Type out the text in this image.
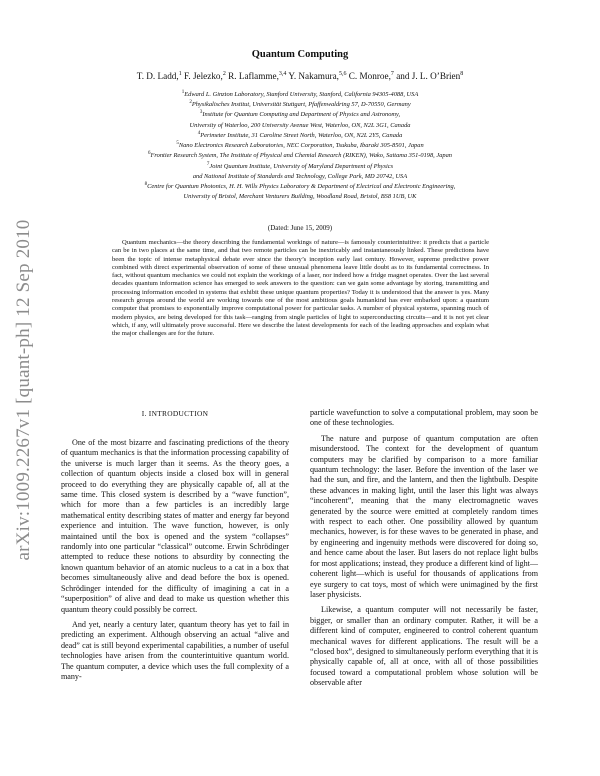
arXiv:1009.2267v1 [quant-ph] 12 Sep 2010
Quantum Computing
T. D. Ladd,$^1$ F. Jelezko,$^2$ R. Laflamme,$^{3,4}$ Y. Nakamura,$^{5,6}$ C. Monroe,$^7$ and J. L. O’Brien$^8$
$^1$Edward L. Ginzton Laboratory, Stanford University, Stanford, California 94305-4088, USA
$^2$Physikalisches Institut, Universität Stuttgart, Pfaffenwaldring 57, D-70550, Germany
$^3$Institute for Quantum Computing and Department of Physics and Astronomy,
University of Waterloo, 200 University Avenue West, Waterloo, ON, N2L 3G1, Canada
$^4$Perimeter Institute, 31 Caroline Street North, Waterloo, ON, N2L 2Y5, Canada
$^5$Nano Electronics Research Laboratories, NEC Corporation, Tsukuba, Ibaraki 305-8501, Japan
$^6$Frontier Research System, The Institute of Physical and Chemial Research (RIKEN), Wako, Saitama 351-0198, Japan
$^7$Joint Quantum Institute, University of Maryland Department of Physics
and National Institute of Standards and Technology, College Park, MD 20742, USA
$^8$Centre for Quantum Photonics, H. H. Wills Physics Laboratory & Department of Electrical and Electronic Engineering,
University of Bristol, Merchant Venturers Building, Woodland Road, Bristol, BS8 1UB, UK
(Dated: June 15, 2009)
Quantum mechanics—the theory describing the fundamental workings of nature—is famously counterintuitive: it predicts that a particle can be in two places at the same time, and that two remote particles can be inextricably and instantaneously linked. These predictions have been the topic of intense metaphysical debate ever since the theory’s inception early last century. However, supreme predictive power combined with direct experimental observation of some of these unusual phenomena leave little doubt as to its fundamental correctness. In fact, without quantum mechanics we could not explain the workings of a laser, nor indeed how a fridge magnet operates. Over the last several decades quantum information science has emerged to seek answers to the question: can we gain some advantage by storing, transmitting and processing information encoded in systems that exhibit these unique quantum properties? Today it is understood that the answer is yes. Many research groups around the world are working towards one of the most ambitious goals humankind has ever embarked upon: a quantum computer that promises to exponentially improve computational power for particular tasks. A number of physical systems, spanning much of modern physics, are being developed for this task—ranging from single particles of light to superconducting circuits—and it is not yet clear which, if any, will ultimately prove successful. Here we describe the latest developments for each of the leading approaches and explain what the major challenges are for the future.
I. INTRODUCTION

One of the most bizarre and fascinating predictions of the theory of quantum mechanics is that the information processing capability of the universe is much larger than it seems. As the theory goes, a collection of quantum objects inside a closed box will in general proceed to do everything they are physically capable of, all at the same time. This closed system is described by a “wave function”, which for more than a few particles is an incredibly large mathematical entity describing states of matter and energy far beyond experience and intuition. The wave function, however, is only maintained until the box is opened and the system “collapses” randomly into one particular “classical” outcome. Erwin Schrödinger attempted to reduce these notions to absurdity by connecting the known quantum behavior of an atomic nucleus to a cat in a box that becomes simultaneously alive and dead before the box is opened. Schrödinger intended for the difficulty of imagining a cat in a “superposition” of alive and dead to make us question whether this quantum theory could possibly be correct.

And yet, nearly a century later, quantum theory has yet to fail in predicting an experiment. Although observing an actual “alive and dead” cat is still beyond experimental capabilities, a number of useful technologies have arisen from the counterintuitive quantum world. The quantum computer, a device which uses the full complexity of a many-

particle wavefunction to solve a computational problem, may soon be one of these technologies.

The nature and purpose of quantum computation are often misunderstood. The context for the development of quantum computers may be clarified by comparison to a more familiar quantum technology: the laser. Before the invention of the laser we had the sun, and fire, and the lantern, and then the lightbulb. Despite these advances in making light, until the laser this light was always “incoherent”, meaning that the many electromagnetic waves generated by the source were emitted at completely random times with respect to each other. One possibility allowed by quantum mechanics, however, is for these waves to be generated in phase, and by engineering and ingenuity methods were discovered for doing so, and hence came about the laser. But lasers do not replace light bulbs for most applications; instead, they produce a different kind of light—coherent light—which is useful for thousands of applications from eye surgery to cat toys, most of which were unimagined by the first laser physicists.

Likewise, a quantum computer will not necessarily be faster, bigger, or smaller than an ordinary computer. Rather, it will be a different kind of computer, engineered to control coherent quantum mechanical waves for different applications. The result will be a “closed box”, designed to simultaneously perform everything that it is physically capable of, all at once, with all of those possibilities focused toward a computational problem whose solution will be observable after
